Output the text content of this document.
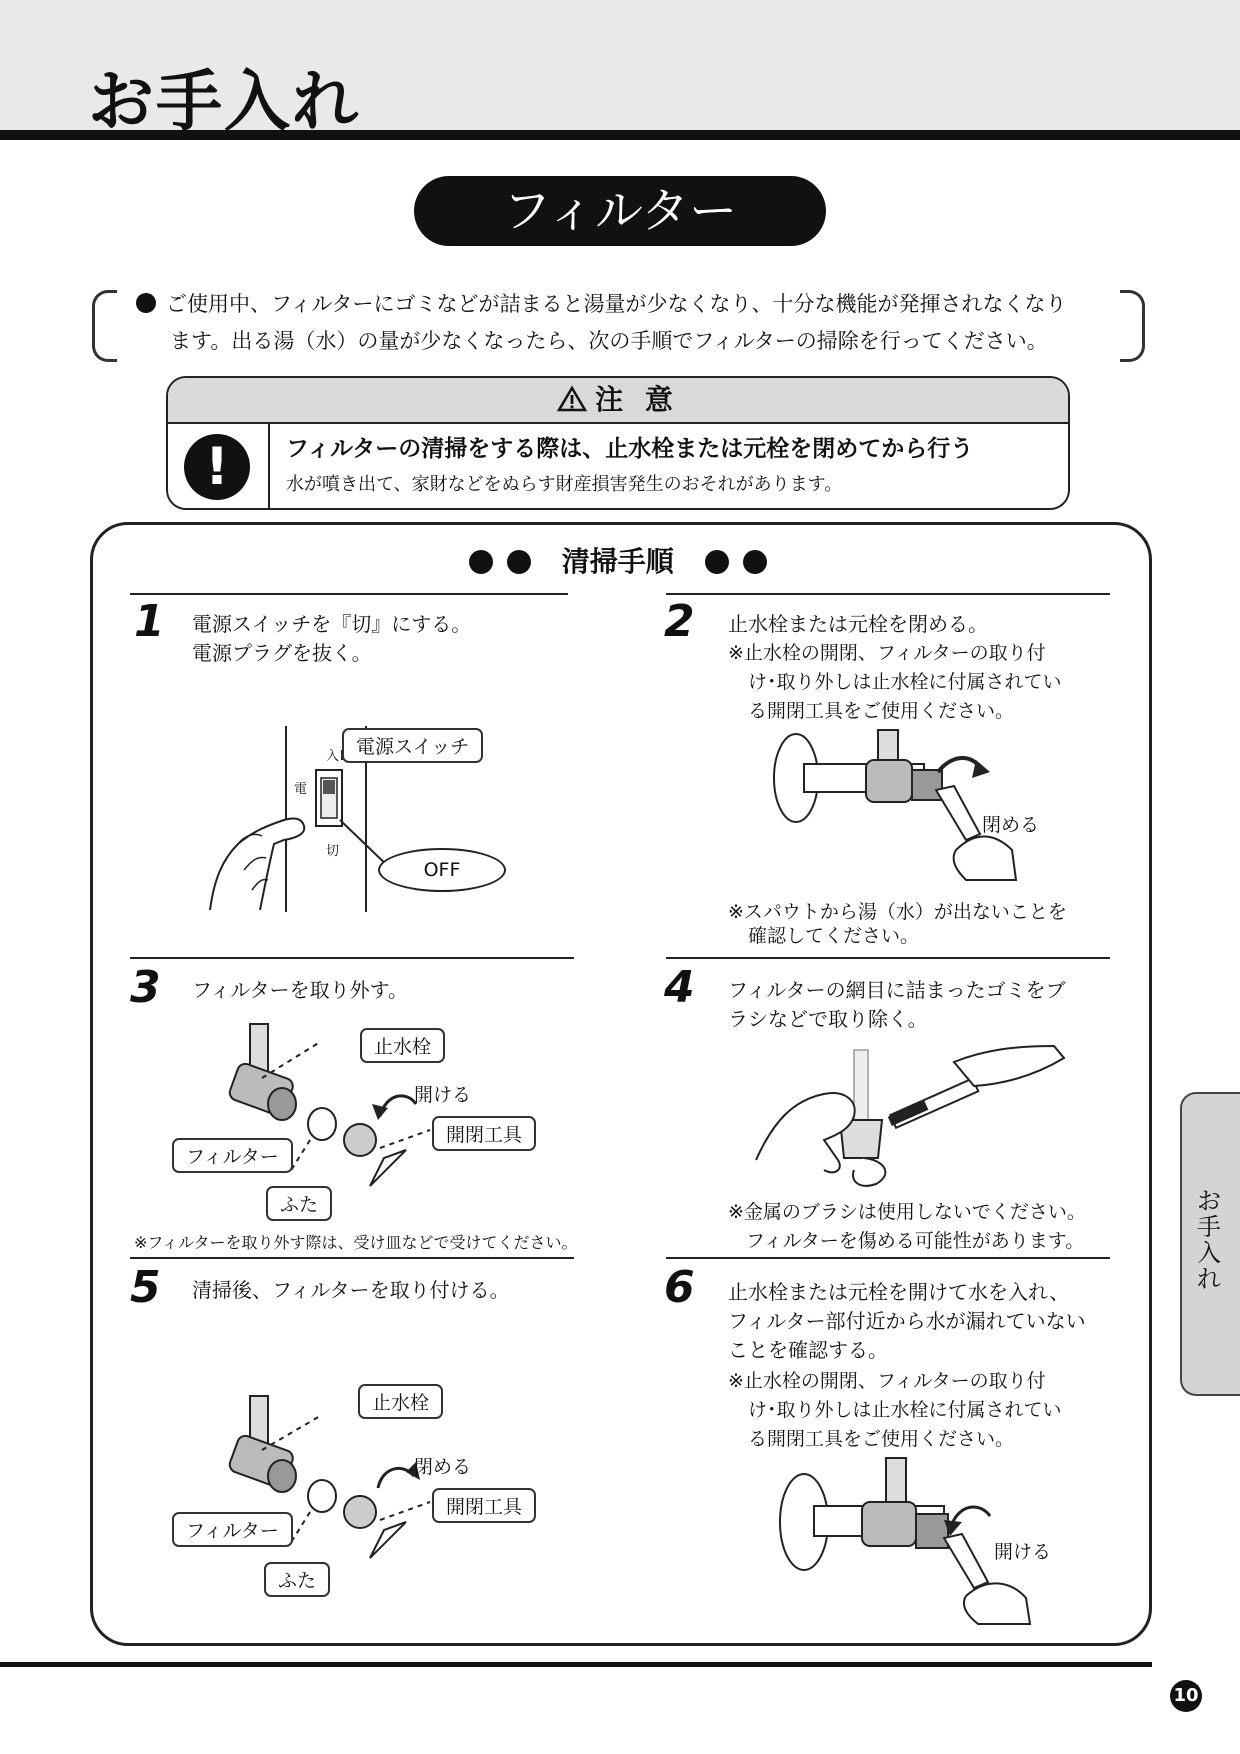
お手入れ
フィルター
ご使用中、フィルターにゴミなどが詰まると湯量が少なくなり、十分な機能が発揮されなくなり
ます。出る湯（水）の量が少なくなったら、次の手順でフィルターの掃除を行ってください。
注 意
!	フィルターの清掃をする際は、止水栓または元栓を閉めてから行う
水が噴き出て、家財などをぬらす財産損害発生のおそれがあります。
清掃手順
1 電源スイッチを『切』にする。
電源プラグを抜く。
入
電
切
電源スイッチ
OFF
2 止水栓または元栓を閉める。
※止水栓の開閉、フィルターの取り付
け･取り外しは止水栓に付属されてい
る開閉工具をご使用ください。
閉める
※スパウトから湯（水）が出ないことを
確認してください。
3 フィルターを取り外す。
止水栓
開ける
開閉工具
フィルター
ふた
※フィルターを取り外す際は、受け皿などで受けてください。
4 フィルターの網目に詰まったゴミをブ
ラシなどで取り除く。
※金属のブラシは使用しないでください。
フィルターを傷める可能性があります。
5 清掃後、フィルターを取り付ける。
止水栓
閉める
開閉工具
フィルター
ふた
6 止水栓または元栓を開けて水を入れ、
フィルター部付近から水が漏れていない
ことを確認する。
※止水栓の開閉、フィルターの取り付
け･取り外しは止水栓に付属されてい
る開閉工具をご使用ください。
開ける
お手入れ
10
